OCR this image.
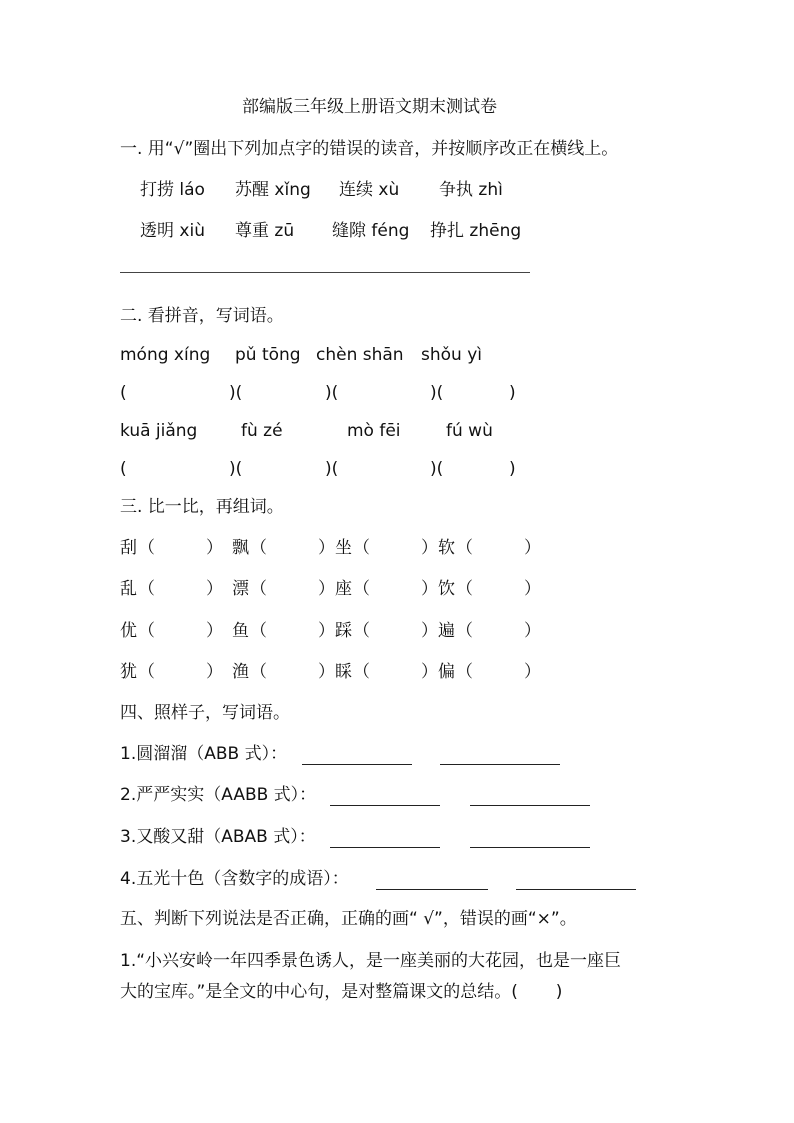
部编版三年级上册语文期末测试卷
一. 用“√”圈出下列加点字的错误的读音，并按顺序改正在横线上。
打捞 láo 苏醒 xǐng 连续 xù 争执 zhì
透明 xiù 尊重 zū 缝隙 féng 挣扎 zhēng
二. 看拼音，写词语。
móng xíng pǔ tōng chèn shān shǒu yì
(	)(	)(	)(	)
kuā jiǎng	fù zé	mò fēi	fú wù
(	)(	)(	)(	)
三. 比一比，再组词。
刮 （	） 飘 （	） 坐 （	） 软 （	）
乱 （	） 漂 （	） 座 （	） 饮 （	）
优 （	） 鱼 （	） 踩 （	） 遍 （	）
犹 （	） 渔 （	） 睬 （	） 偏 （	）
四、照样子，写词语。
1.圆溜溜（ABB 式）：
2.严严实实（AABB 式）：
3.又酸又甜（ABAB 式）：
4.五光十色（含数字的成语）：
五、判断下列说法是否正确，正确的画“ √”，错误的画“×”。
1.“小兴安岭一年四季景色诱人，是一座美丽的大花园，也是一座巨
大的宝库。”是全文的中心句，是对整篇课文的总结。(       )
